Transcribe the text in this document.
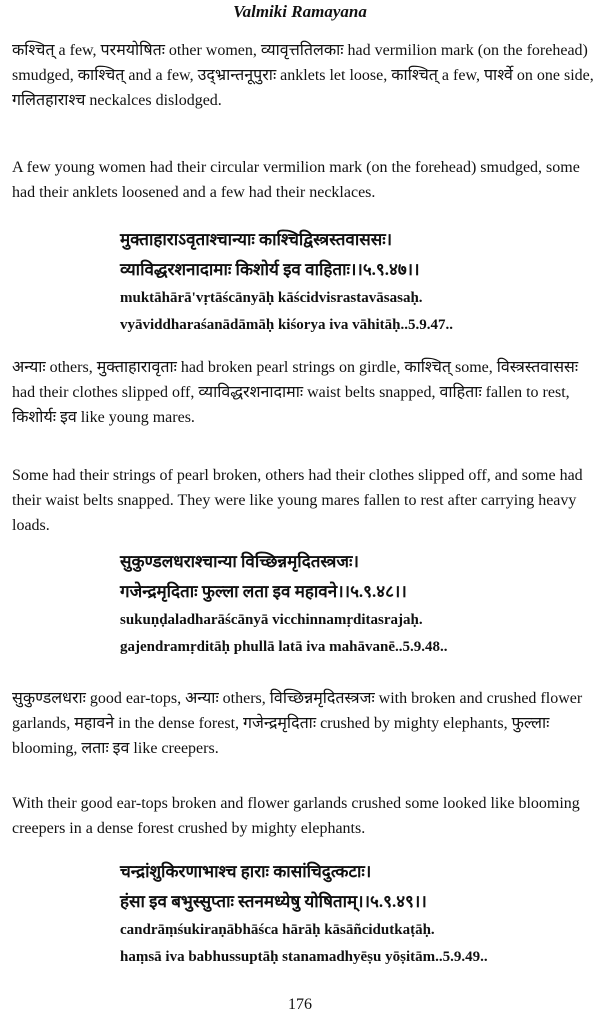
Valmiki Ramayana

कश्चित् a few, परमयोषितः other women, व्यावृत्ततिलकाः had vermilion mark (on the forehead) smudged, काश्चित् and a few, उद्भ्रान्तनूपुराः anklets let loose, काश्चित् a few, पार्श्वे on one side, गलितहाराश्च neckalces dislodged.

A few young women had their circular vermilion mark (on the forehead) smudged, some had their anklets loosened and a few had their necklaces.

मुक्ताहाराऽवृताश्चान्याः काश्चिद्विस्त्रस्तवाससः।
व्याविद्धरशनादामाः किशोर्य इव वाहिताः।।५.९.४७।।
muktāhārā'vṛtāścānyāḥ kāścidvisrastavāsasaḥ.
vyāviddharaśanādāmāḥ kiśorya iva vāhitāḥ..5.9.47..

अन्याः others, मुक्ताहारावृताः had broken pearl strings on girdle, काश्चित् some, विस्त्रस्तवाससः had their clothes slipped off, व्याविद्धरशनादामाः waist belts snapped, वाहिताः fallen to rest, किशोर्यः इव like young mares.

Some had their strings of pearl broken, others had their clothes slipped off, and some had their waist belts snapped. They were like young mares fallen to rest after carrying heavy loads.

सुकुण्डलधराश्चान्या विच्छिन्नमृदितस्त्रजः।
गजेन्द्रमृदिताः फुल्ला लता इव महावने।।५.९.४८।।
sukuṇḍaladharāścānyā vicchinnamṛditasrajaḥ.
gajendramṛditāḥ phullā latā iva mahāvanē..5.9.48..

सुकुण्डलधराः good ear-tops, अन्याः others, विच्छिन्नमृदितस्त्रजः with broken and crushed flower garlands, महावने in the dense forest, गजेन्द्रमृदिताः crushed by mighty elephants, फुल्लाः blooming, लताः इव like creepers.

With their good ear-tops broken and flower garlands crushed some looked like blooming creepers in a dense forest crushed by mighty elephants.

चन्द्रांशुकिरणाभाश्च हाराः कासांचिदुत्कटाः।
हंसा इव बभुस्सुप्ताः स्तनमध्येषु योषिताम्।।५.९.४९।।
candrāṃśukiraṇābhāśca hārāḥ kāsāñcidutkaṭāḥ.
haṃsā iva babhussuptāḥ stanamadhyēṣu yōṣitām..5.9.49..
176
